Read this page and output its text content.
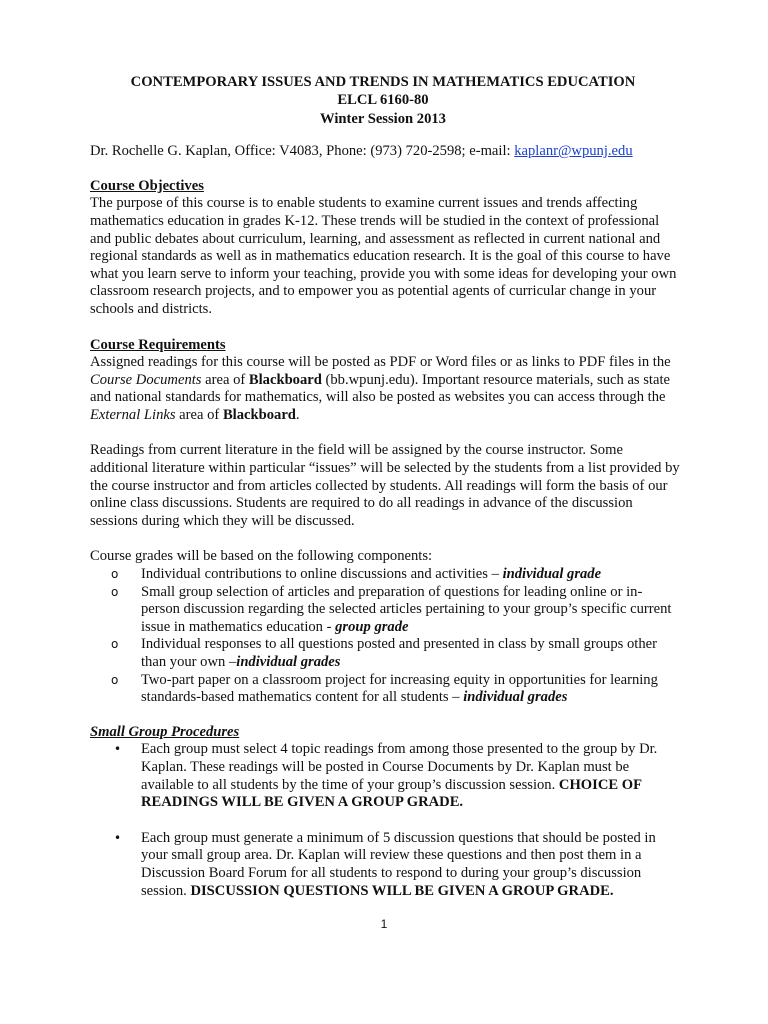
CONTEMPORARY ISSUES AND TRENDS IN MATHEMATICS EDUCATION
ELCL 6160-80
Winter Session 2013

Dr. Rochelle G. Kaplan, Office: V4083, Phone: (973) 720-2598; e-mail: kaplanr@wpunj.edu

Course Objectives

The purpose of this course is to enable students to examine current issues and trends affecting mathematics education in grades K-12. These trends will be studied in the context of professional and public debates about curriculum, learning, and assessment as reflected in current national and regional standards as well as in mathematics education research. It is the goal of this course to have what you learn serve to inform your teaching, provide you with some ideas for developing your own classroom research projects, and to empower you as potential agents of curricular change in your schools and districts.

Course Requirements

Assigned readings for this course will be posted as PDF or Word files or as links to PDF files in the Course Documents area of Blackboard (bb.wpunj.edu). Important resource materials, such as state and national standards for mathematics, will also be posted as websites you can access through the External Links area of Blackboard.

Readings from current literature in the field will be assigned by the course instructor. Some additional literature within particular “issues” will be selected by the students from a list provided by the course instructor and from articles collected by students. All readings will form the basis of our online class discussions. Students are required to do all readings in advance of the discussion sessions during which they will be discussed.

Course grades will be based on the following components:

o Individual contributions to online discussions and activities – individual grade
o Small group selection of articles and preparation of questions for leading online or in-person discussion regarding the selected articles pertaining to your group’s specific current issue in mathematics education - group grade
o Individual responses to all questions posted and presented in class by small groups other than your own –individual grades
o Two-part paper on a classroom project for increasing equity in opportunities for learning standards-based mathematics content for all students – individual grades
Small Group Procedures
• Each group must select 4 topic readings from among those presented to the group by Dr. Kaplan. These readings will be posted in Course Documents by Dr. Kaplan must be available to all students by the time of your group’s discussion session. CHOICE OF READINGS WILL BE GIVEN A GROUP GRADE.
• Each group must generate a minimum of 5 discussion questions that should be posted in your small group area. Dr. Kaplan will review these questions and then post them in a Discussion Board Forum for all students to respond to during your group’s discussion session. DISCUSSION QUESTIONS WILL BE GIVEN A GROUP GRADE.
1
